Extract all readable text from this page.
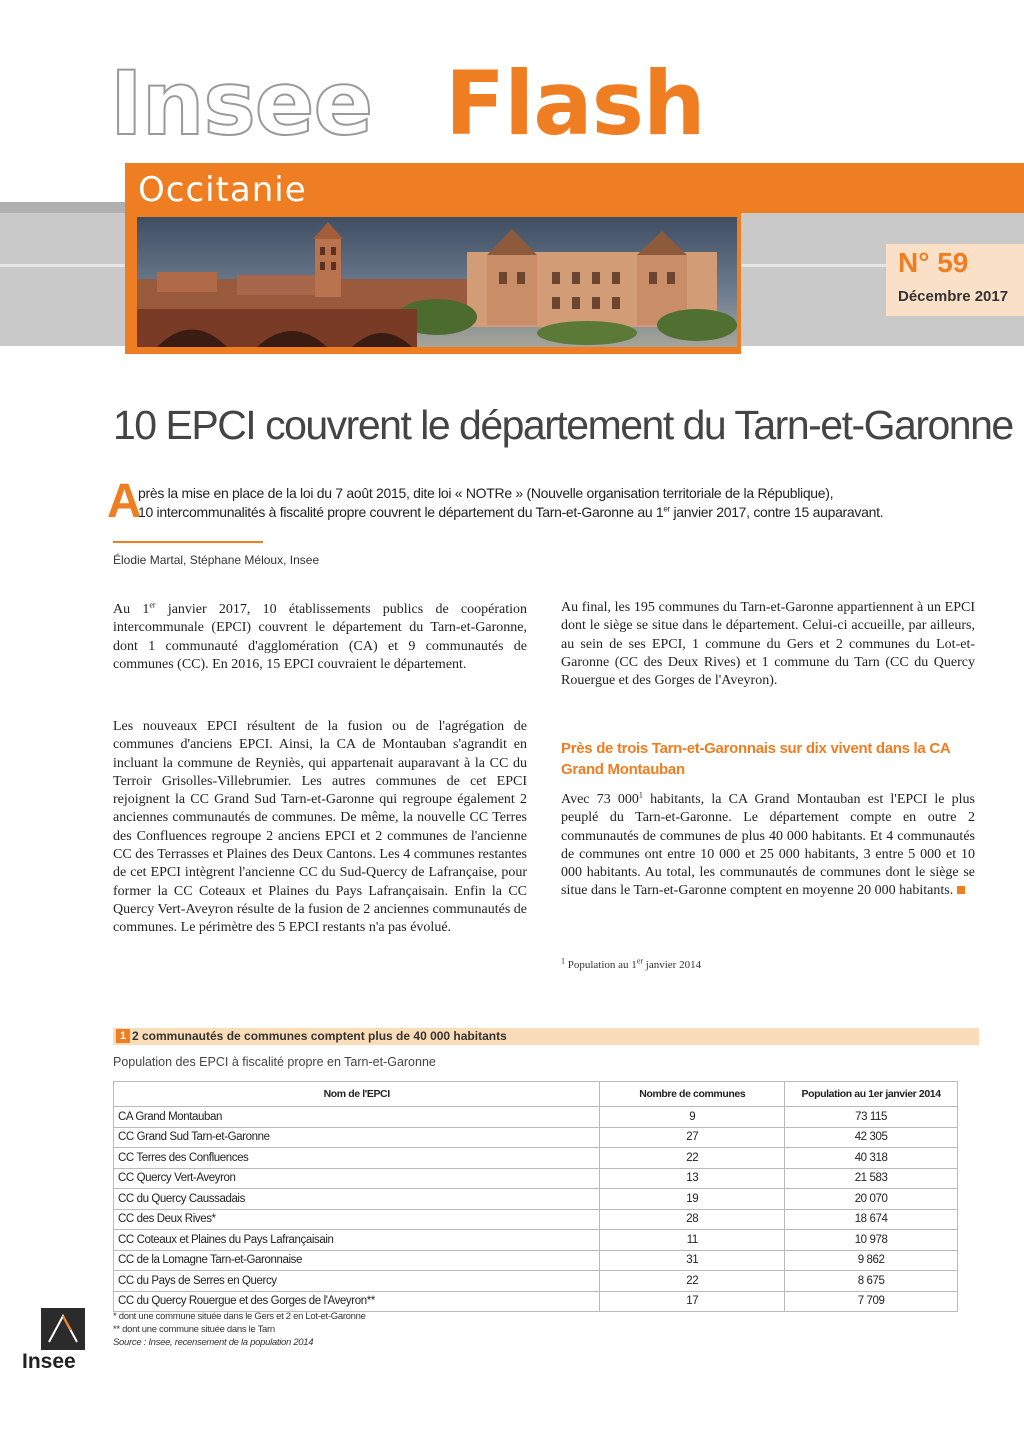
Insee Flash
Occitanie
N° 59
Décembre 2017
10 EPCI couvrent le département du Tarn-et-Garonne
A
près la mise en place de la loi du 7 août 2015, dite loi « NOTRe » (Nouvelle organisation territoriale de la République),
10 intercommunalités à fiscalité propre couvrent le département du Tarn-et-Garonne au 1er janvier 2017, contre 15 auparavant.
Élodie Martal, Stéphane Méloux, Insee

Au 1er janvier 2017, 10 établissements publics de coopération intercommunale (EPCI) couvrent le département du Tarn-et-Garonne, dont 1 communauté d'agglomération (CA) et 9 communautés de communes (CC). En 2016, 15 EPCI couvraient le département.

Les nouveaux EPCI résultent de la fusion ou de l'agrégation de communes d'anciens EPCI. Ainsi, la CA de Montauban s'agrandit en incluant la commune de Reyniès, qui appartenait auparavant à la CC du Terroir Grisolles-Villebrumier. Les autres communes de cet EPCI rejoignent la CC Grand Sud Tarn-et-Garonne qui regroupe également 2 anciennes communautés de communes. De même, la nouvelle CC Terres des Confluences regroupe 2 anciens EPCI et 2 communes de l'ancienne CC des Terrasses et Plaines des Deux Cantons. Les 4 communes restantes de cet EPCI intègrent l'ancienne CC du Sud-Quercy de Lafrançaise, pour former la CC Coteaux et Plaines du Pays Lafrançaisain. Enfin la CC Quercy Vert-Aveyron résulte de la fusion de 2 anciennes communautés de communes. Le périmètre des 5 EPCI restants n'a pas évolué.

Au final, les 195 communes du Tarn-et-Garonne appartiennent à un EPCI dont le siège se situe dans le département. Celui-ci accueille, par ailleurs, au sein de ses EPCI, 1 commune du Gers et 2 communes du Lot-et-Garonne (CC des Deux Rives) et 1 commune du Tarn (CC du Quercy Rouergue et des Gorges de l'Aveyron).

Près de trois Tarn-et-Garonnais sur dix vivent dans la CA Grand Montauban

Avec 73 $000^1$ habitants, la CA Grand Montauban est l'EPCI le plus peuplé du Tarn-et-Garonne. Le département compte en outre 2 communautés de communes de plus 40 000 habitants. Et 4 communautés de communes ont entre 10 000 et 25 000 habitants, 3 entre 5 000 et 10 000 habitants. Au total, les communautés de communes dont le siège se situe dans le Tarn-et-Garonne comptent en moyenne 20 000 habitants.

$^1$ Population au 1er janvier 2014
1 2 communautés de communes comptent plus de 40 000 habitants
Population des EPCI à fiscalité propre en Tarn-et-Garonne
Nom de l'EPCI	Nombre de communes	Population au 1er janvier 2014
CA Grand Montauban	9	73 115
CC Grand Sud Tarn-et-Garonne	27	42 305
CC Terres des Confluences	22	40 318
CC Quercy Vert-Aveyron	13	21 583
CC du Quercy Caussadais	19	20 070
CC des Deux Rives*	28	18 674
CC Coteaux et Plaines du Pays Lafrançaisain	11	10 978
CC de la Lomagne Tarn-et-Garonnaise	31	9 862
CC du Pays de Serres en Quercy	22	8 675
CC du Quercy Rouergue et des Gorges de l'Aveyron**	17	7 709
* dont une commune située dans le Gers et 2 en Lot-et-Garonne
** dont une commune située dans le Tarn
Source : Insee, recensement de la population 2014
Insee
